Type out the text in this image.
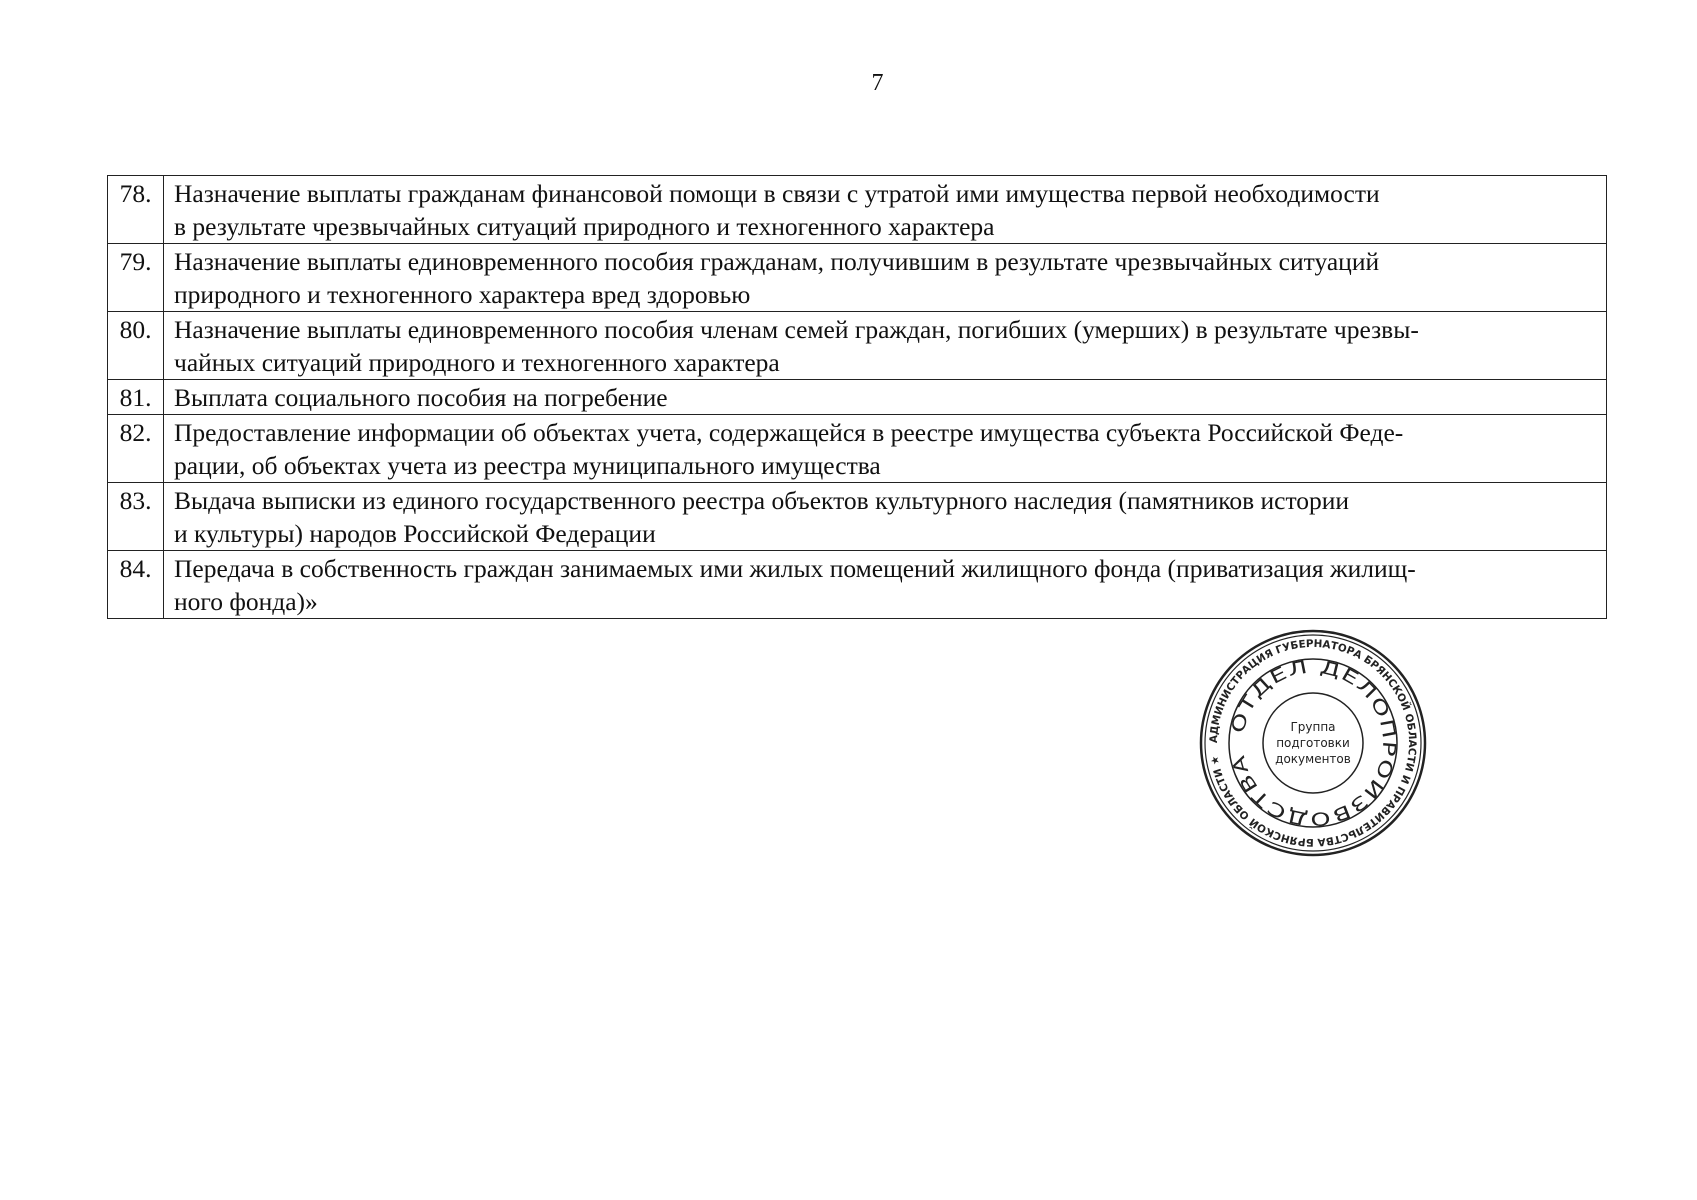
7
78.	Назначение выплаты гражданам финансовой помощи в связи с утратой ими имущества первой необходимости
в результате чрезвычайных ситуаций природного и техногенного характера
79.	Назначение выплаты единовременного пособия гражданам, получившим в результате чрезвычайных ситуаций
природного и техногенного характера вред здоровью
80.	Назначение выплаты единовременного пособия членам семей граждан, погибших (умерших) в результате чрезвы-
чайных ситуаций природного и техногенного характера
81.	Выплата социального пособия на погребение
82.	Предоставление информации об объектах учета, содержащейся в реестре имущества субъекта Российской Феде-
рации, об объектах учета из реестра муниципального имущества
83.	Выдача выписки из единого государственного реестра объектов культурного наследия (памятников истории
и культуры) народов Российской Федерации
84.	Передача в собственность граждан занимаемых ими жилых помещений жилищного фонда (приватизация жилищ-
ного фонда)»
АДМИНИСТРАЦИЯ ГУБЕРНАТОРА БРЯНСКОЙ ОБЛАСТИ И ПРАВИТЕЛЬСТВА БРЯНСКОЙ ОБЛАСТИ ★
ОТДЕЛ ДЕЛОПРОИЗВОДСТВА
Группа
подготовки
документов
